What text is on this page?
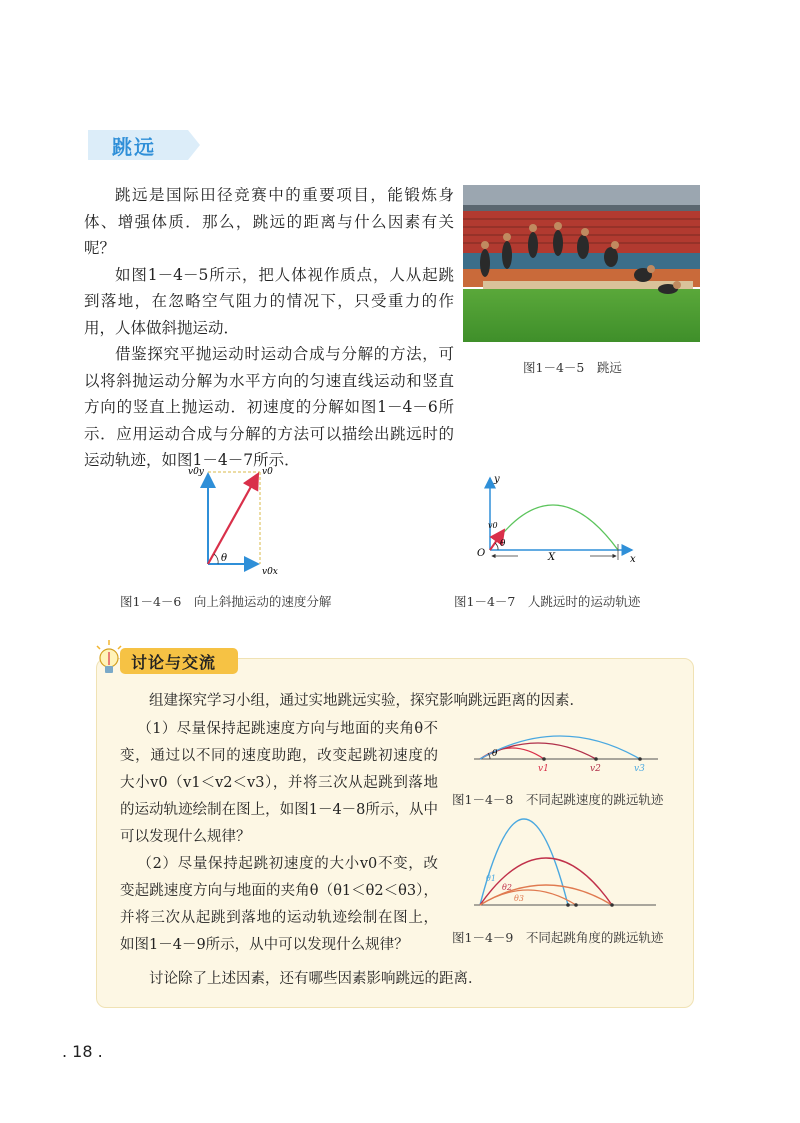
跳远

跳远是国际田径竞赛中的重要项目，能锻炼身体、增强体质．那么，跳远的距离与什么因素有关呢？

如图1－4－5所示，把人体视作质点，人从起跳到落地，在忽略空气阻力的情况下，只受重力的作用，人体做斜抛运动．

借鉴探究平抛运动时运动合成与分解的方法，可以将斜抛运动分解为水平方向的匀速直线运动和竖直方向的竖直上抛运动．初速度的分解如图1－4－6所示．应用运动合成与分解的方法可以描绘出跳远时的运动轨迹，如图1－4－7所示．

图1－4－5　跳远
v0y	v0
v0x
θ
图1－4－6　向上斜抛运动的速度分解
y
x
O	X
v0
θ
图1－4－7　人跳远时的运动轨迹
讨论与交流
组建探究学习小组，通过实地跳远实验，探究影响跳远距离的因素．

（1）尽量保持起跳速度方向与地面的夹角θ不变，通过以不同的速度助跑，改变起跳初速度的大小v0（v1＜v2＜v3），并将三次从起跳到落地的运动轨迹绘制在图上，如图1－4－8所示，从中可以发现什么规律？

（2）尽量保持起跳初速度的大小v0不变，改变起跳速度方向与地面的夹角θ（θ1＜θ2＜θ3），并将三次从起跳到落地的运动轨迹绘制在图上，如图1－4－9所示，从中可以发现什么规律？

讨论除了上述因素，还有哪些因素影响跳远的距离．
θ
v1	v2	v3
图1－4－8　不同起跳速度的跳远轨迹
θ1
θ2
θ3
图1－4－9　不同起跳角度的跳远轨迹
. 18 .
